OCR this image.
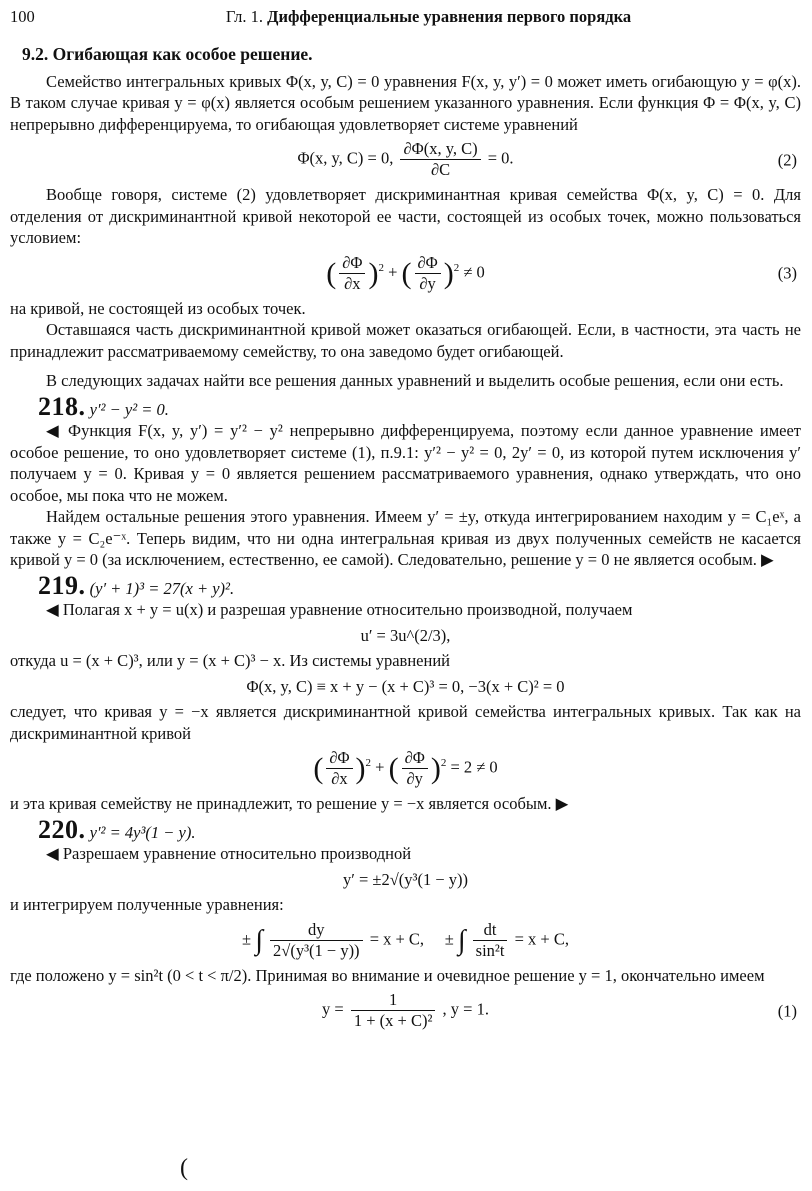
100	Гл. 1. Дифференциальные уравнения первого порядка
9.2. Огибающая как особое решение.

Семейство интегральных кривых Φ(x, y, C) = 0 уравнения F(x, y, y′) = 0 может иметь огибающую y = φ(x). В таком случае кривая y = φ(x) является особым решением указанного уравнения. Если функция Φ = Φ(x, y, C) непрерывно дифференцируема, то огибающая удовлетворяет системе уравнений

Φ(x, y, C) = 0, $\frac{\partial\Phi(x, y, C)}{\partial C} = 0$.	(2)

Вообще говоря, системе (2) удовлетворяет дискриминантная кривая семейства Φ(x, y, C) = 0. Для отделения от дискриминантной кривой некоторой ее части, состоящей из особых точек, можно пользоваться условием:

( $\frac{\partial\Phi}{\partial x} )^2$ + ( $\frac{\partial\Phi}{\partial y} )^2 \ne 0$	(3)

на кривой, не состоящей из особых точек.

Оставшаяся часть дискриминантной кривой может оказаться огибающей. Если, в частности, эта часть не принадлежит рассматриваемому семейству, то она заведомо будет огибающей.

В следующих задачах найти все решения данных уравнений и выделить особые решения, если они есть.

218. y′² − y² = 0.

◀ Функция F(x, y, y′) = y′² − y² непрерывно дифференцируема, поэтому если данное уравнение имеет особое решение, то оно удовлетворяет системе (1), п.9.1: y′² − y² = 0, 2y′ = 0, из которой путем исключения y′ получаем y = 0. Кривая y = 0 является решением рассматриваемого уравнения, однако утверждать, что оно особое, мы пока что не можем.

Найдем остальные решения этого уравнения. Имеем y′ = ±y, откуда интегрированием находим y = C₁eˣ, а также y = C₂e⁻ˣ. Теперь видим, что ни одна интегральная кривая из двух полученных семейств не касается кривой y = 0 (за исключением, естественно, ее самой). Следовательно, решение y = 0 не является особым. ▶

219. (y′ + 1)³ = 27(x + y)².

◀ Полагая x + y = u(x) и разрешая уравнение относительно производной, получаем

u′ = 3u^(2/3),

откуда u = (x + C)³, или y = (x + C)³ − x. Из системы уравнений

Φ(x, y, C) ≡ x + y − (x + C)³ = 0, −3(x + C)² = 0

следует, что кривая y = −x является дискриминантной кривой семейства интегральных кривых. Так как на дискриминантной кривой

( $\frac{\partial\Phi}{\partial x} )^2$ + ( $\frac{\partial\Phi}{\partial y} )^2 = 2 \ne 0$

и эта кривая семейству не принадлежит, то решение y = −x является особым. ▶

220. y′² = 4y³(1 − y).

◀ Разрешаем уравнение относительно производной

y′ = ±2√(y³(1 − y))

и интегрируем полученные уравнения:

± ∫ $\frac{dy}{\text{2√(y³(1 − y))}} = x + C$, ± ∫ $\frac{dt}{\text{sin²t}} = x + C$,

где положено y = sin²t (0 < t < π/2). Принимая во внимание и очевидное решение y = 1, окончательно имеем

$y = \frac{1}{\text{1 + (x + C)²}}$ , y = 1.	(1)
(
